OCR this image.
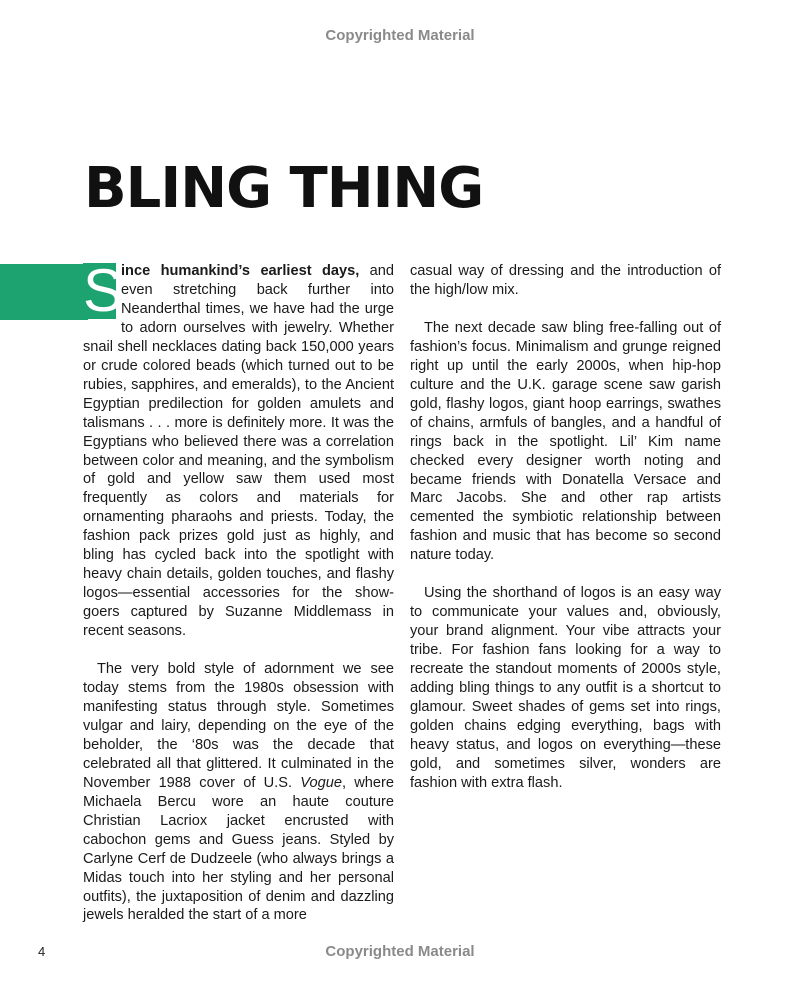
Copyrighted Material
BLING THING

S
ince humankind’s earliest days, and even stretching back further into Neanderthal times, we have had the urge to adorn ourselves with jewelry. Whether snail shell necklaces dating back 150,000 years or crude colored beads (which turned out to be rubies, sapphires, and emeralds), to the Ancient Egyptian predilection for golden amulets and talismans . . . more is definitely more. It was the Egyptians who believed there was a correlation between color and meaning, and the symbolism of gold and yellow saw them used most frequently as colors and materials for ornamenting pharaohs and priests. Today, the fashion pack prizes gold just as highly, and bling has cycled back into the spotlight with heavy chain details, golden touches, and flashy logos—essential accessories for the show-goers captured by Suzanne Middlemass in recent seasons.

The very bold style of adornment we see today stems from the 1980s obsession with manifesting status through style. Sometimes vulgar and lairy, depending on the eye of the beholder, the ‘80s was the decade that celebrated all that glittered. It culminated in the November 1988 cover of U.S. Vogue, where Michaela Bercu wore an haute couture Christian Lacriox jacket encrusted with cabochon gems and Guess jeans. Styled by Carlyne Cerf de Dudzeele (who always brings a Midas touch into her styling and her personal outfits), the juxtaposition of denim and dazzling jewels heralded the start of a more

casual way of dressing and the introduction of the high/low mix.

The next decade saw bling free-falling out of fashion’s focus. Minimalism and grunge reigned right up until the early 2000s, when hip-hop culture and the U.K. garage scene saw garish gold, flashy logos, giant hoop earrings, swathes of chains, armfuls of bangles, and a handful of rings back in the spotlight. Lil’ Kim name checked every designer worth noting and became friends with Donatella Versace and Marc Jacobs. She and other rap artists cemented the symbiotic relationship between fashion and music that has become so second nature today.

Using the shorthand of logos is an easy way to communicate your values and, obviously, your brand alignment. Your vibe attracts your tribe. For fashion fans looking for a way to recreate the standout moments of 2000s style, adding bling things to any outfit is a shortcut to glamour. Sweet shades of gems set into rings, golden chains edging everything, bags with heavy status, and logos on everything—these gold, and sometimes silver, wonders are fashion with extra flash.

4	Copyrighted Material
